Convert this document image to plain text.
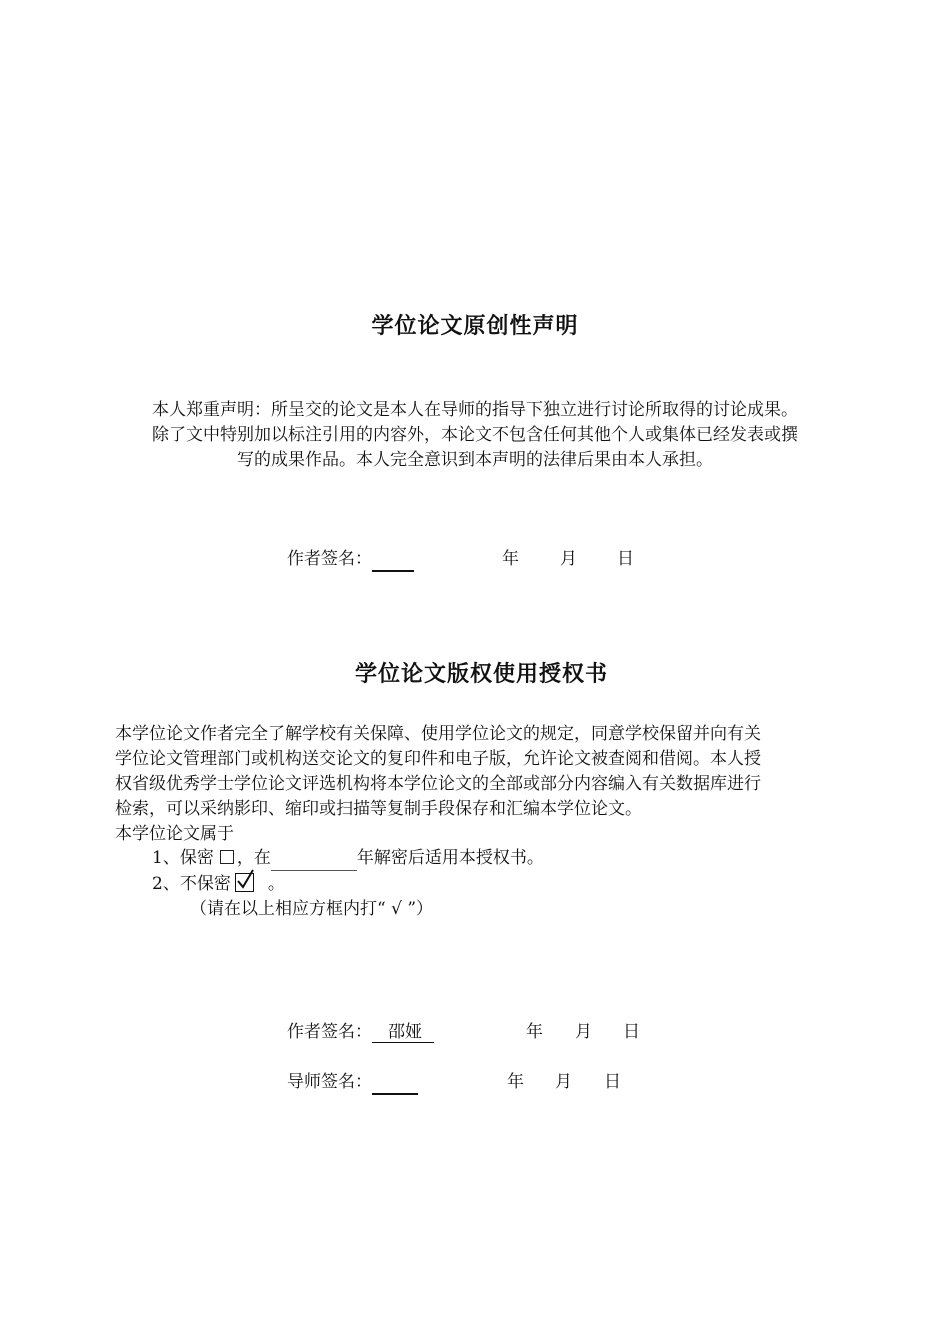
学位论文原创性声明
本人郑重声明：所呈交的论文是本人在导师的指导下独立进行讨论所取得的讨论成果。
除了文中特别加以标注引用的内容外，本论文不包含任何其他个人或集体已经发表或撰
写的成果作品。本人完全意识到本声明的法律后果由本人承担。
作者签名：	年 月 日
学位论文版权使用授权书
本学位论文作者完全了解学校有关保障、使用学位论文的规定，同意学校保留并向有关
学位论文管理部门或机构送交论文的复印件和电子版，允许论文被查阅和借阅。本人授
权省级优秀学士学位论文评选机构将本学位论文的全部或部分内容编入有关数据库进行
检索，可以采纳影印、缩印或扫描等复制手段保存和汇编本学位论文。
本学位论文属于
1、保密 ，在	年解密后适用本授权书。
2、不保密 。
（请在以上相应方框内打“ √ ”）
作者签名： 邵娅	年 月 日
导师签名：	年 月 日
